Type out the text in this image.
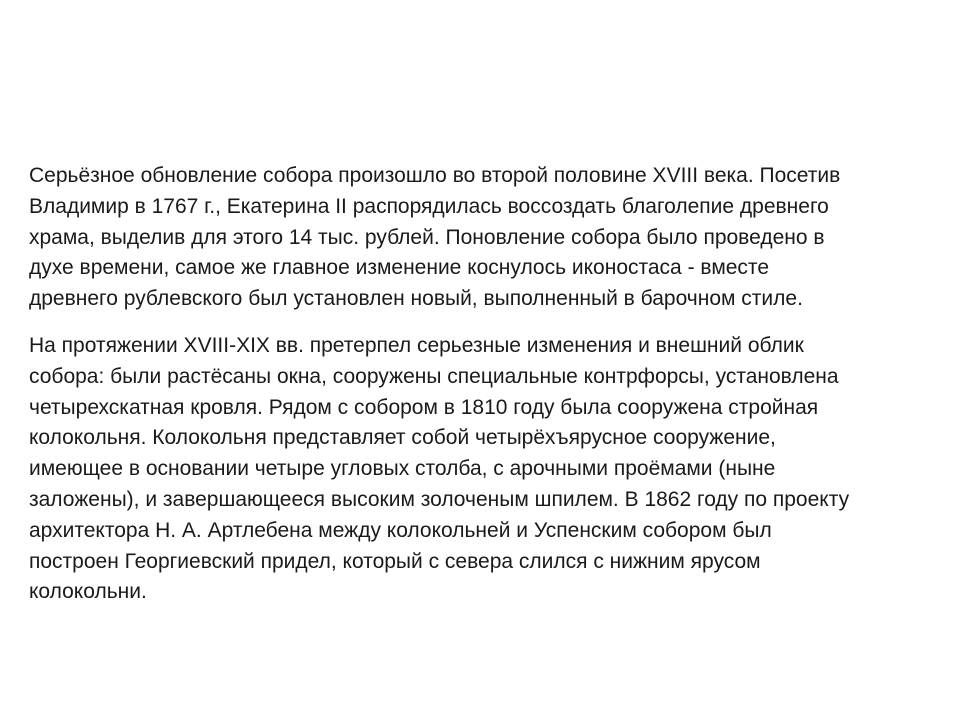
Серьёзное обновление собора произошло во второй половине XVIII века. Посетив
Владимир в 1767 г., Екатерина II распорядилась воссоздать благолепие древнего
храма, выделив для этого 14 тыс. рублей. Поновление собора было проведено в
духе времени, самое же главное изменение коснулось иконостаса - вместе
древнего рублевского был установлен новый, выполненный в барочном стиле.
На протяжении XVIII-XIX вв. претерпел серьезные изменения и внешний облик
собора: были растёсаны окна, сооружены специальные контрфорсы, установлена
четырехскатная кровля. Рядом с собором в 1810 году была сооружена стройная
колокольня. Колокольня представляет собой четырёхъярусное сооружение,
имеющее в основании четыре угловых столба, с арочными проёмами (ныне
заложены), и завершающееся высоким золоченым шпилем. В 1862 году по проекту
архитектора Н. А. Артлебена между колокольней и Успенским собором был
построен Георгиевский придел, который с севера слился с нижним ярусом
колокольни.
